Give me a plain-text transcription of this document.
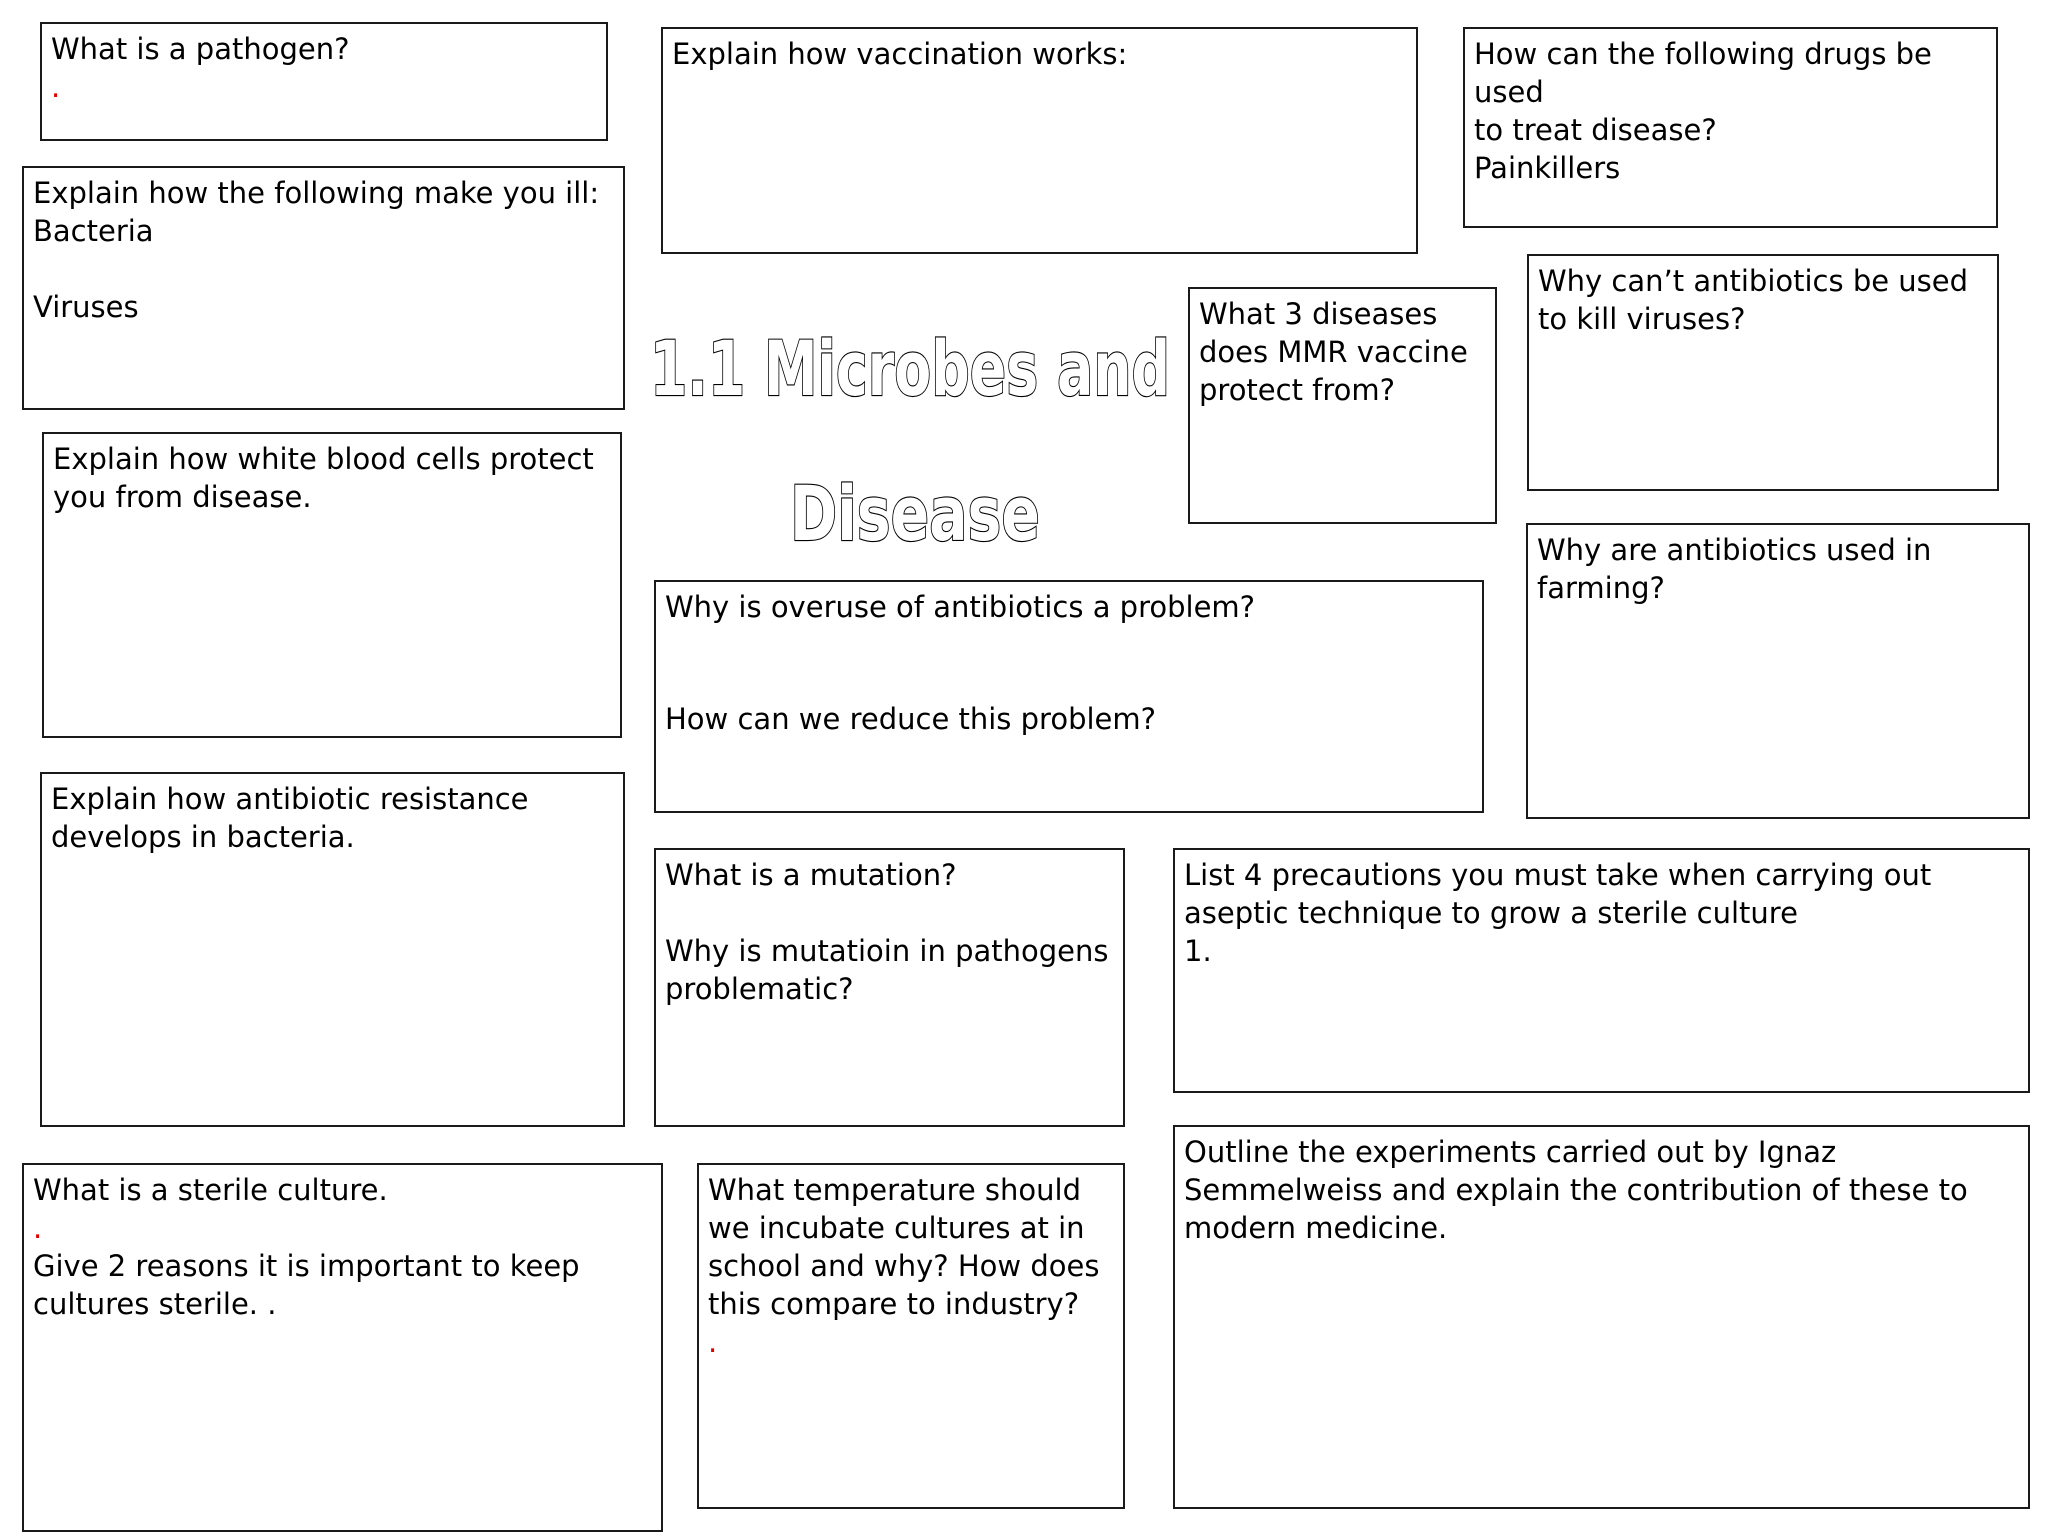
1.1 Microbes and
Disease
What is a pathogen?
.
Explain how vaccination works:	How can the following drugs be used
to treat disease?
Painkillers
Explain how the following make you ill:
Bacteria
Viruses	What 3 diseases
does MMR vaccine
protect from?
Why can’t antibiotics be used
to kill viruses?
Explain how white blood cells protect
you from disease.
Why are antibiotics used in
farming?
Why is overuse of antibiotics a problem?
How can we reduce this problem?
Explain how antibiotic resistance
develops in bacteria.
What is a mutation?
Why is mutatioin in pathogens
problematic?
List 4 precautions you must take when carrying out
aseptic technique to grow a sterile culture
1.
What is a sterile culture.
.
Give 2 reasons it is important to keep
cultures sterile. .
What temperature should
we incubate cultures at in
school and why? How does
this compare to industry?
.
Outline the experiments carried out by Ignaz
Semmelweiss and explain the contribution of these to
modern medicine.
